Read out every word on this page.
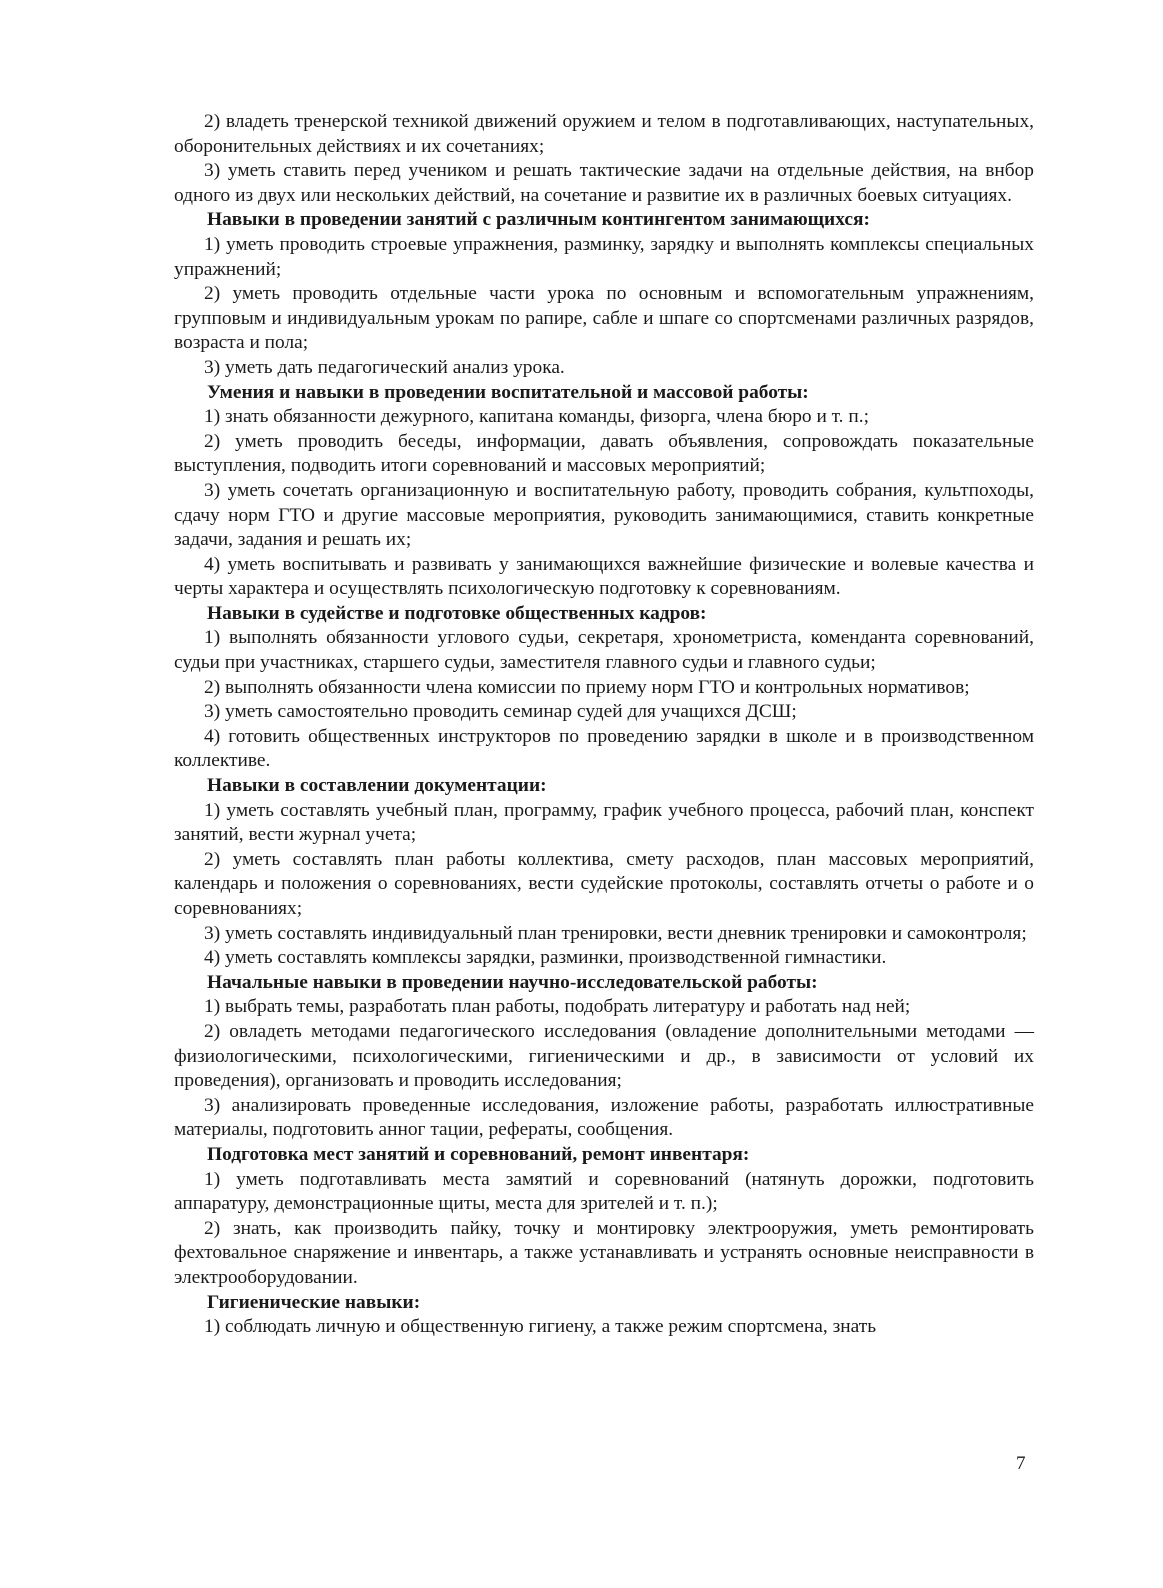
2) владеть тренерской техникой движений оружием и телом в подготавливающих, наступательных, оборонительных действиях и их сочетаниях;

3) уметь ставить перед учеником и решать тактические задачи на отдельные действия, на внбор одного из двух или нескольких действий, на сочетание и развитие их в различных боевых ситуациях.

Навыки в проведении занятий с различным контингентом занимающихся:

1) уметь проводить строевые упражнения, разминку, зарядку и выполнять комплексы специальных упражнений;

2) уметь проводить отдельные части урока по основным и вспомогательным упражнениям, групповым и индивидуальным урокам по рапире, сабле и шпаге со спортсменами различных разрядов, возраста и пола;

3) уметь дать педагогический анализ урока.

Умения и навыки в проведении воспитательной и массовой работы:

1) знать обязанности дежурного, капитана команды, физорга, члена бюро и т. п.;

2) уметь проводить беседы, информации, давать объявления, сопровождать показательные выступления, подводить итоги соревнований и массовых мероприятий;

3) уметь сочетать организационную и воспитательную работу, проводить собрания, культпоходы, сдачу норм ГТО и другие массовые мероприятия, руководить занимающимися, ставить конкретные задачи, задания и решать их;

4) уметь воспитывать и развивать у занимающихся важнейшие физические и волевые качества и черты характера и осуществлять психологическую подготовку к соревнованиям.

Навыки в судействе и подготовке общественных кадров:

1) выполнять обязанности углового судьи, секретаря, хронометриста, коменданта соревнований, судьи при участниках, старшего судьи, заместителя главного судьи и главного судьи;

2) выполнять обязанности члена комиссии по приему норм ГТО и контрольных нормативов;

3) уметь самостоятельно проводить семинар судей для учащихся ДСШ;

4) готовить общественных инструкторов по проведению зарядки в школе и в производственном коллективе.

Навыки в составлении документации:

1) уметь составлять учебный план, программу, график учебного процесса, рабочий план, конспект занятий, вести журнал учета;

2) уметь составлять план работы коллектива, смету расходов, план массовых мероприятий, календарь и положения о соревнованиях, вести судейские протоколы, составлять отчеты о работе и о соревнованиях;

3) уметь составлять индивидуальный план тренировки, вести дневник тренировки и самоконтроля;

4) уметь составлять комплексы зарядки, разминки, производственной гимнастики.

Начальные навыки в проведении научно-исследовательской работы:

1) выбрать темы, разработать план работы, подобрать литературу и работать над ней;

2) овладеть методами педагогического исследования (овладение дополнительными методами — физиологическими, психологическими, гигиеническими и др., в зависимости от условий их проведения), организовать и проводить исследования;

3) анализировать проведенные исследования, изложение работы, разработать иллюстративные материалы, подготовить анног тации, рефераты, сообщения.

Подготовка мест занятий и соревнований, ремонт инвентаря:

1) уметь подготавливать места замятий и соревнований (натянуть дорожки, подготовить аппаратуру, демонстрационные щиты, места для зрителей и т. п.);

2) знать, как производить пайку, точку и монтировку электрооружия, уметь ремонтировать фехтовальное снаряжение и инвентарь, а также устанавливать и устранять основные неисправности в электрооборудовании.

Гигиенические навыки:

1) соблюдать личную и общественную гигиену, а также режим спортсмена, знать

7
